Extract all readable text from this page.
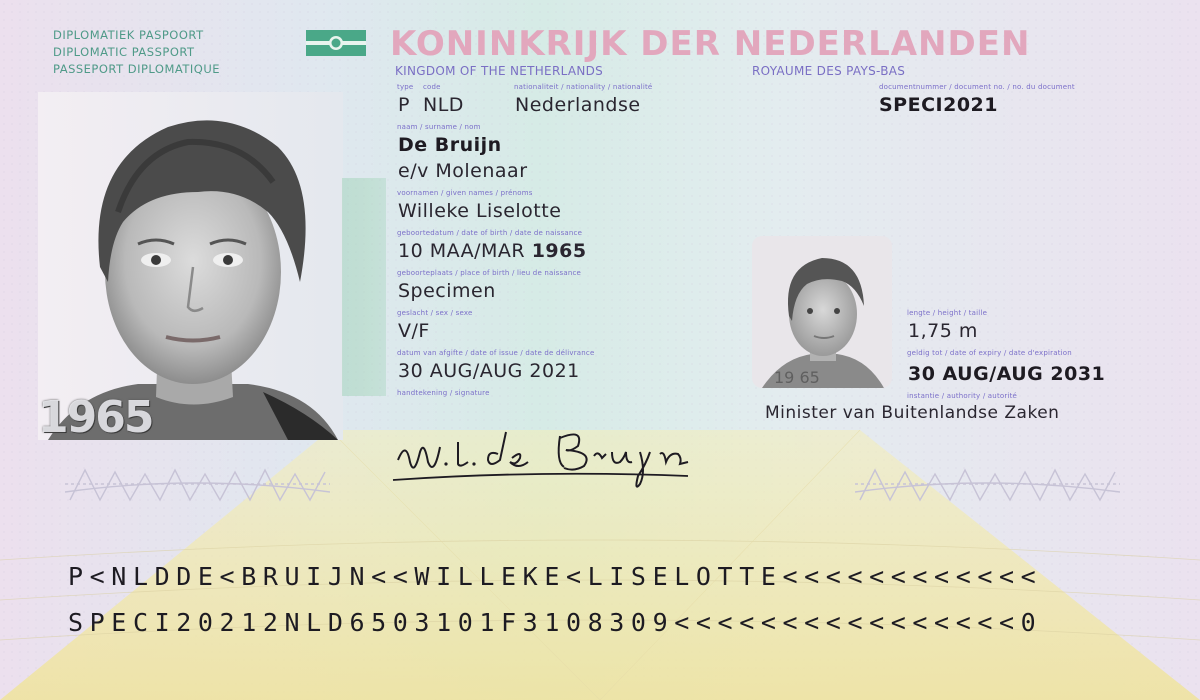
DIPLOMATIEK PASPOORT
DIPLOMATIC PASSPORT
PASSEPORT DIPLOMATIQUE
KONINKRIJK DER NEDERLANDEN
KINGDOM OF THE NETHERLANDS	ROYAUME DES PAYS-BAS
1965
type code	nationaliteit / nationality / nationalité	documentnummer / document no. / no. du document
P NLD	Nederlandse	SPECI2021
naam / surname / nom
De Bruijn
e/v Molenaar
voornamen / given names / prénoms
Willeke Liselotte
geboortedatum / date of birth / date de naissance
10 MAA/MAR 1965
geboorteplaats / place of birth / lieu de naissance
Specimen
geslacht / sex / sexe
V/F
datum van afgifte / date of issue / date de délivrance
30 AUG/AUG 2021
handtekening / signature
19 65
lengte / height / taille
1,75 m
geldig tot / date of expiry / date d'expiration
30 AUG/AUG 2031
instantie / authority / autorité
Minister van Buitenlandse Zaken
P<NLDDE<BRUIJN<<WILLEKE<LISELOTTE<<<<<<<<<<<<
SPECI20212NLD6503101F3108309<<<<<<<<<<<<<<<<0
